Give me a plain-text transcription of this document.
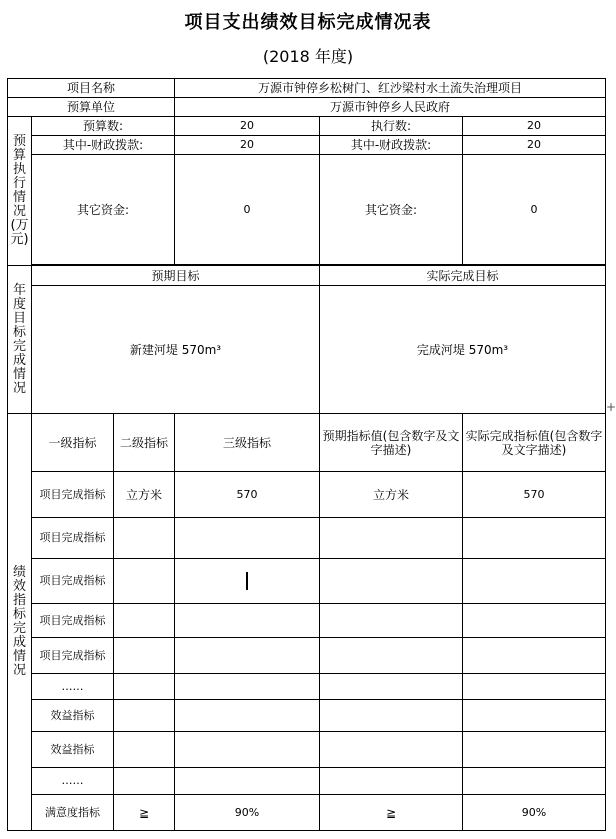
项目支出绩效目标完成情况表
(2018 年度)
项目名称			万源市钟停乡松树门、红沙梁村水土流失治理项目		
预算单位			万源市钟停乡人民政府		
预算执行情况(万元)	预算数:		20	执行数:	20
	其中-财政拨款:		20	其中-财政拨款:	20
	其它资金:		0	其它资金:	0

年度目标完成情况	预期目标			实际完成目标	
	新建河堤 570m³			完成河堤 570m³	
绩效指标完成情况	一级指标	二级指标	三级指标	预期指标值(包含数字及文字描述)	实际完成指标值(包含数字及文字描述)
	项目完成指标	立方米	570	立方米	570
	项目完成指标				
	项目完成指标				
	项目完成指标				
	项目完成指标				
	……				
	效益指标				
	效益指标				
	……				
	满意度指标	≧	90%	≧	90%
+
